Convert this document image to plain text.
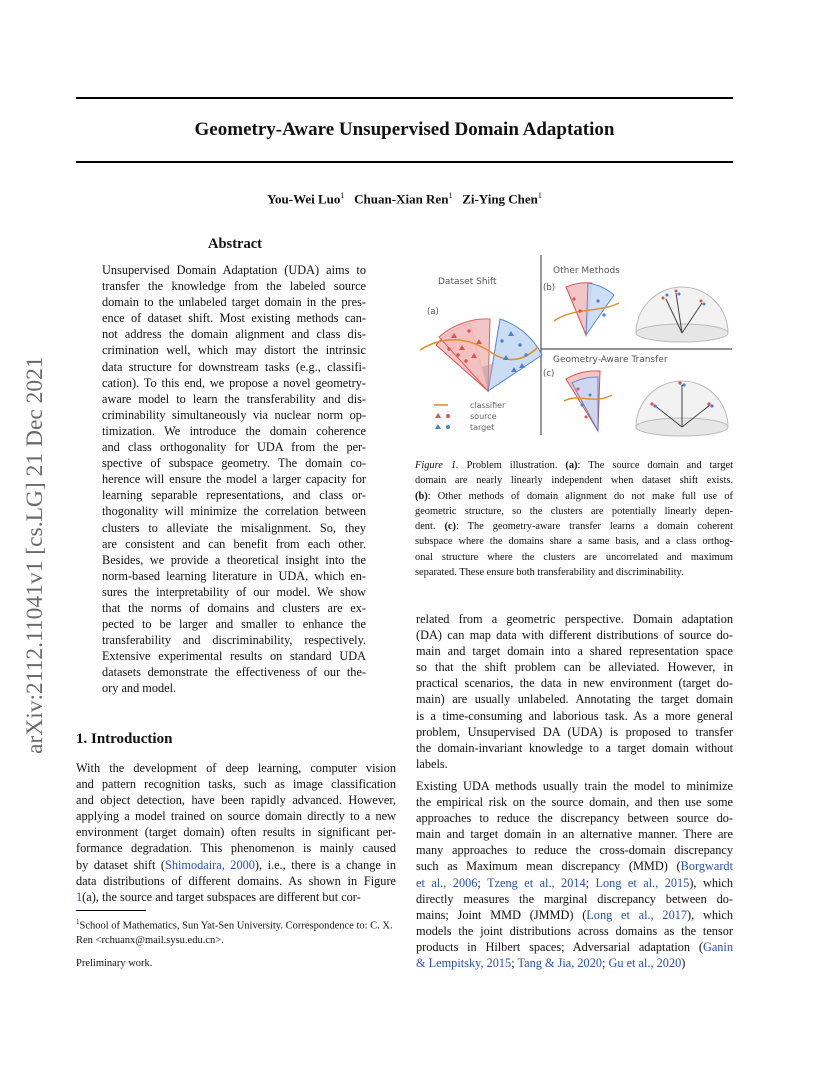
Geometry-Aware Unsupervised Domain Adaptation
You-Wei Luo$^1$ Chuan-Xian Ren$^1$ Zi-Ying Chen$^1$
arXiv:2112.11041v1 [cs.LG] 21 Dec 2021
Abstract
Unsupervised Domain Adaptation (UDA) aims to
transfer the knowledge from the labeled source
domain to the unlabeled target domain in the pres-
ence of dataset shift. Most existing methods can-
not address the domain alignment and class dis-
crimination well, which may distort the intrinsic
data structure for downstream tasks (e.g., classifi-
cation). To this end, we propose a novel geometry-
aware model to learn the transferability and dis-
criminability simultaneously via nuclear norm op-
timization. We introduce the domain coherence
and class orthogonality for UDA from the per-
spective of subspace geometry. The domain co-
herence will ensure the model a larger capacity for
learning separable representations, and class or-
thogonality will minimize the correlation between
clusters to alleviate the misalignment. So, they
are consistent and can benefit from each other.
Besides, we provide a theoretical insight into the
norm-based learning literature in UDA, which en-
sures the interpretability of our model. We show
that the norms of domains and clusters are ex-
pected to be larger and smaller to enhance the
transferability and discriminability, respectively.
Extensive experimental results on standard UDA
datasets demonstrate the effectiveness of our the-
ory and model.
1. Introduction
With the development of deep learning, computer vision
and pattern recognition tasks, such as image classification
and object detection, have been rapidly advanced. However,
applying a model trained on source domain directly to a new
environment (target domain) often results in significant per-
formance degradation. This phenomenon is mainly caused
by dataset shift (Shimodaira, 2000), i.e., there is a change in
data distributions of different domains. As shown in Figure
1(a), the source and target subspaces are different but cor-
$^1$School of Mathematics, Sun Yat-Sen University. Correspondence to: C. X. Ren <rchuanx@mail.sysu.edu.cn>.
Preliminary work.
Dataset Shift
Other Methods
Geometry-Aware Transfer
(a)
(b)
(c)
classifier
source
target
Figure 1. Problem illustration. (a): The source domain and target
domain are nearly linearly independent when dataset shift exists.
(b): Other methods of domain alignment do not make full use of
geometric structure, so the clusters are potentially linearly depen-
dent. (c): The geometry-aware transfer learns a domain coherent
subspace where the domains share a same basis, and a class orthog-
onal structure where the clusters are uncorrelated and maximum
separated. These ensure both transferability and discriminability.
related from a geometric perspective. Domain adaptation
(DA) can map data with different distributions of source do-
main and target domain into a shared representation space
so that the shift problem can be alleviated. However, in
practical scenarios, the data in new environment (target do-
main) are usually unlabeled. Annotating the target domain
is a time-consuming and laborious task. As a more general
problem, Unsupervised DA (UDA) is proposed to transfer
the domain-invariant knowledge to a target domain without
labels.
Existing UDA methods usually train the model to minimize
the empirical risk on the source domain, and then use some
approaches to reduce the discrepancy between source do-
main and target domain in an alternative manner. There are
many approaches to reduce the cross-domain discrepancy
such as Maximum mean discrepancy (MMD) (Borgwardt
et al., 2006; Tzeng et al., 2014; Long et al., 2015), which
directly measures the marginal discrepancy between do-
mains; Joint MMD (JMMD) (Long et al., 2017), which
models the joint distributions across domains as the tensor
products in Hilbert spaces; Adversarial adaptation (Ganin
& Lempitsky, 2015; Tang & Jia, 2020; Gu et al., 2020)
